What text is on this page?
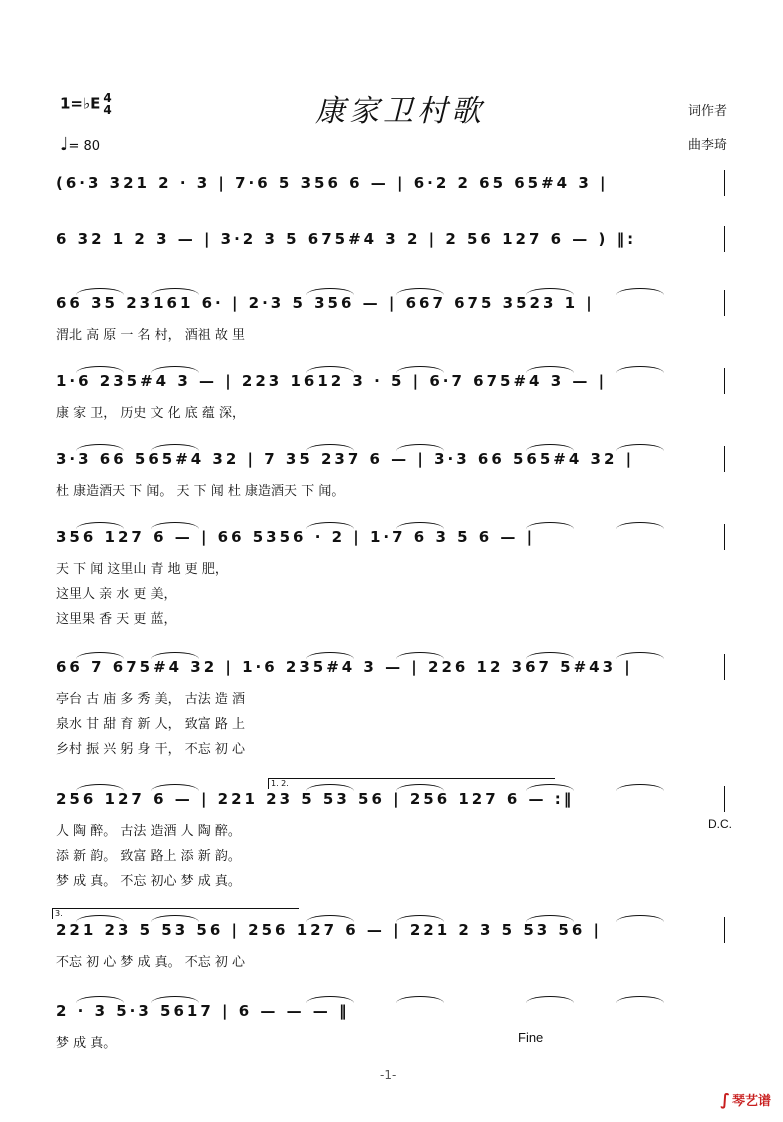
1=♭E 4
4
♩= 80
康家卫村歌	词作者
曲李琦
(6·3 321 2 · 3 | 7·6 5 356 6 — | 6·2 2 65 65#4 3 |
6 32 1 2 3 — | 3·2 3 5 675#4 3 2 | 2 56 127 6 — ) ‖:
66 35 23161 6· | 2·3 5 356 — | 667 675 3523 1 |
渭北 高 原 一 名 村， 酒祖 故 里
1·6 235#4 3 — | 223 1612 3 · 5 | 6·7 675#4 3 — |
康 家 卫， 历史 文 化 底 蕴 深，
3·3 66 565#4 32 | 7 35 237 6 — | 3·3 66 565#4 32 |
杜 康造酒天 下 闻。 天 下 闻 杜 康造酒天 下 闻。
356 127 6 — | 66 5356 · 2 | 1·7 6 3 5 6 — |
天 下 闻 这里山 青 地 更 肥，
这里人 亲 水 更 美，
这里果 香 天 更 蓝，
66 7 675#4 32 | 1·6 235#4 3 — | 226 12 367 5#43 |
亭台 古 庙 多 秀 美， 古法 造 酒
泉水 甘 甜 育 新 人， 致富 路 上
乡村 振 兴 躬 身 干， 不忘 初 心
256 127 6 — | 221 23 5 53 56 | 256 127 6 — :‖
人 陶 醉。 古法 造酒 人 陶 醉。
添 新 韵。 致富 路上 添 新 韵。
梦 成 真。 不忘 初心 梦 成 真。
221 23 5 53 56 | 256 127 6 — | 221 2 3 5 53 56 |
不忘 初 心 梦 成 真。 不忘 初 心
2 · 3 5·3 5617 | 6 — — — ‖
梦 成 真。
D.C.
Fine
1. 2.
3.
-1-
∫ 琴艺谱
